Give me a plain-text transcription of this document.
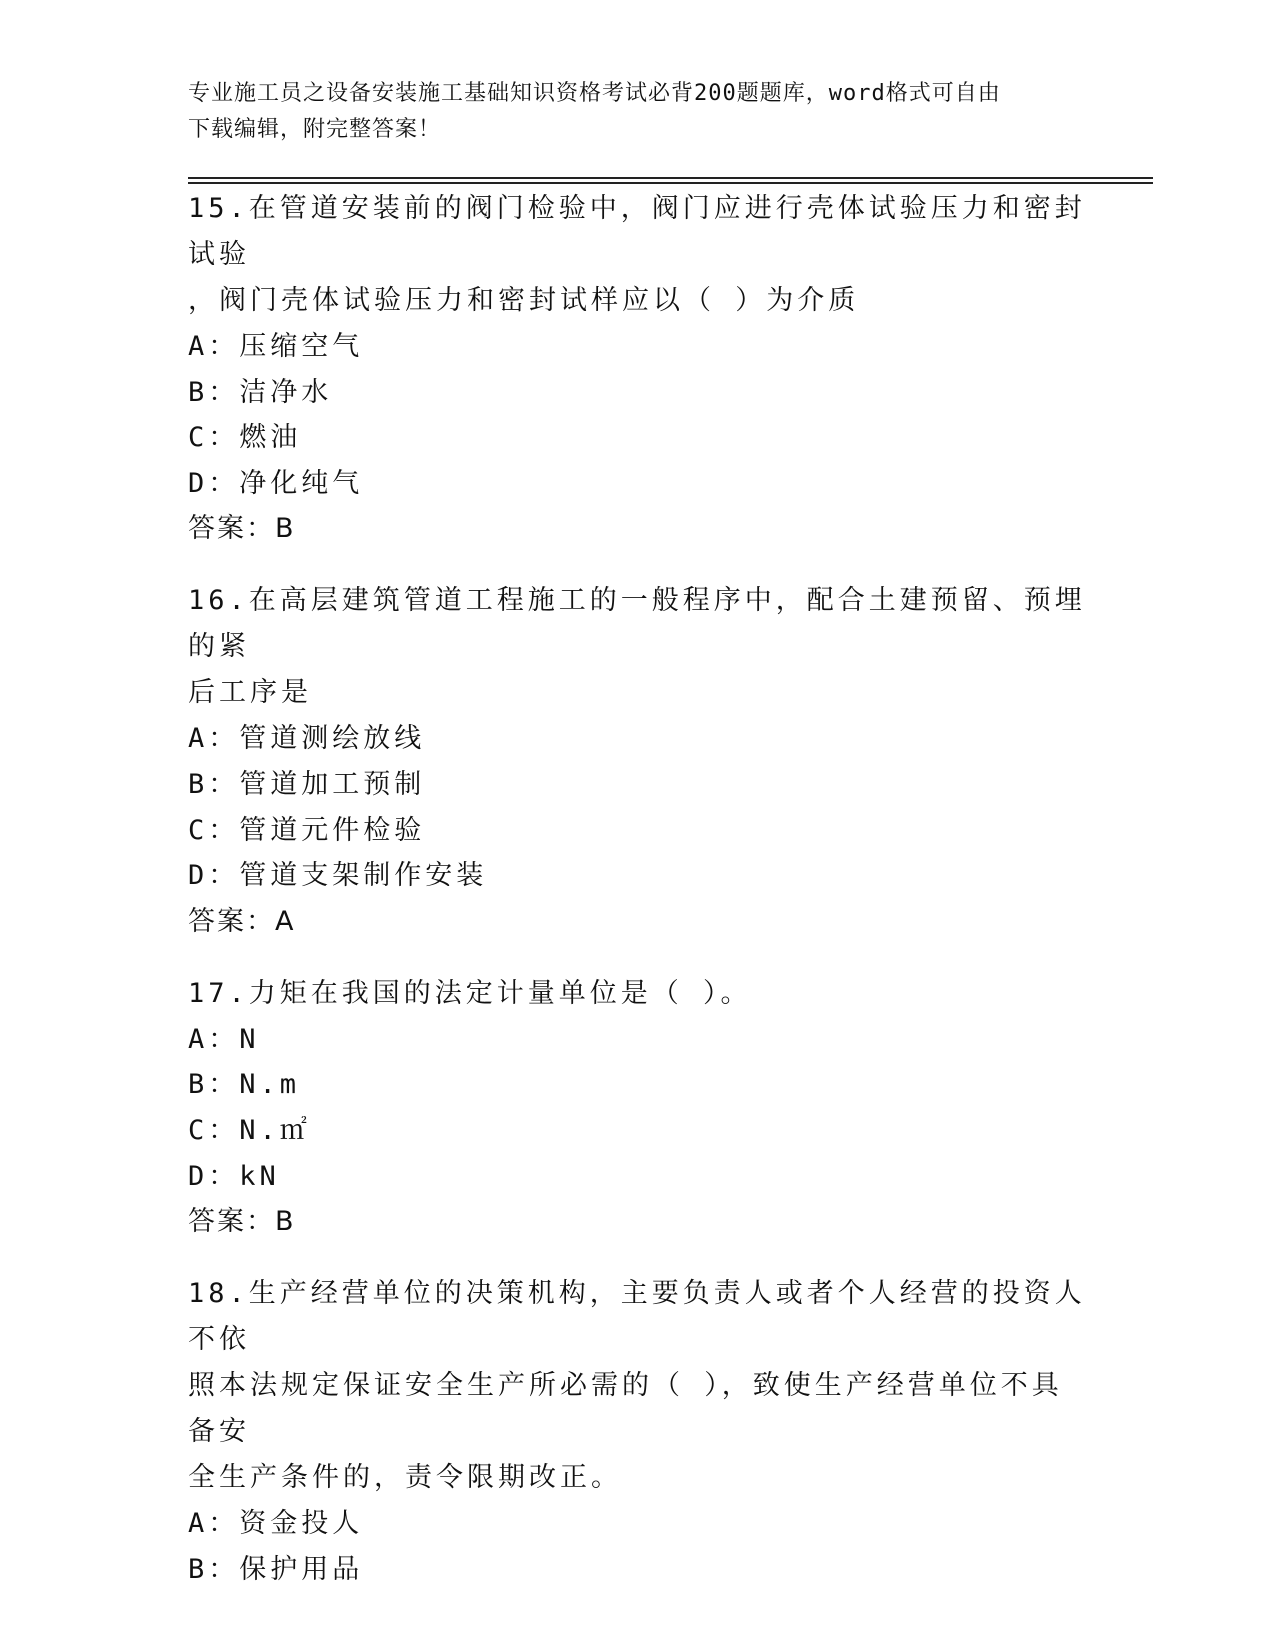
专业施工员之设备安装施工基础知识资格考试必背200题题库，word格式可自由

下载编辑，附完整答案！

15.在管道安装前的阀门检验中，阀门应进行壳体试验压力和密封试验

，阀门壳体试验压力和密封试样应以（ ）为介质

A：压缩空气

B：洁净水

C：燃油

D：净化纯气

答案：B

16.在高层建筑管道工程施工的一般程序中，配合土建预留、预埋的紧

后工序是

A：管道测绘放线

B：管道加工预制

C：管道元件检验

D：管道支架制作安装

答案：A

17.力矩在我国的法定计量单位是（ ）。

A：N

B：N.m

C：N.㎡

D：kN

答案：B

18.生产经营单位的决策机构，主要负责人或者个人经营的投资人不依

照本法规定保证安全生产所必需的（ ），致使生产经营单位不具备安

全生产条件的，责令限期改正。

A：资金投人

B：保护用品
